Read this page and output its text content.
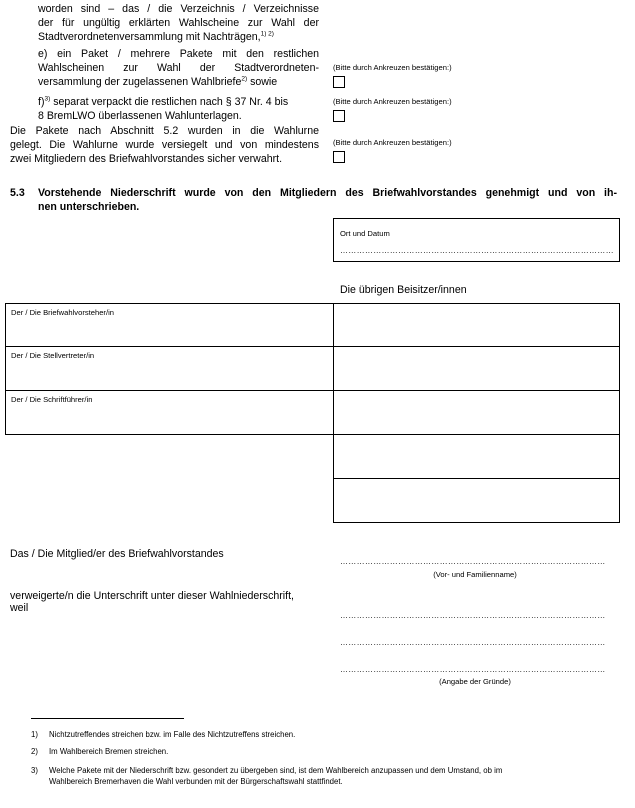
worden sind – das / die Verzeichnis / Verzeichnisse
der für ungültig erklärten Wahlscheine zur Wahl der
Stadtverordnetenversammlung mit Nachträgen,$^{1) 2)}$
e) ein Paket / mehrere Pakete mit den restlichen
Wahlscheinen zur Wahl der Stadtverordneten-
versammlung der zugelassenen Wahlbriefe$^{2)}$ sowie
(Bitte durch Ankreuzen bestätigen:)
f)$^{3)}$ separat verpackt die restlichen nach § 37 Nr. 4 bis
8 BremLWO überlassenen Wahlunterlagen.
(Bitte durch Ankreuzen bestätigen:)
Die Pakete nach Abschnitt 5.2 wurden in die Wahlurne
gelegt. Die Wahlurne wurde versiegelt und von mindestens
zwei Mitgliedern des Briefwahlvorstandes sicher verwahrt.
(Bitte durch Ankreuzen bestätigen:)
5.3 Vorstehende Niederschrift wurde von den Mitgliedern des Briefwahlvorstandes genehmigt und von ih-
nen unterschrieben.
Ort und Datum
………………………………………………………………………………………
Die übrigen Beisitzer/innen
Der / Die Briefwahlvorsteher/in
Der / Die Stellvertreter/in
Der / Die Schriftführer/in
Das / Die Mitglied/er des Briefwahlvorstandes
……………………………………………………………………………………
(Vor- und Familienname)
verweigerte/n die Unterschrift unter dieser Wahlniederschrift,
weil
……………………………………………………………………………………
……………………………………………………………………………………
……………………………………………………………………………………
(Angabe der Gründe)
1) Nichtzutreffendes streichen bzw. im Falle des Nichtzutreffens streichen.
2) Im Wahlbereich Bremen streichen.
3) Welche Pakete mit der Niederschrift bzw. gesondert zu übergeben sind, ist dem Wahlbereich anzupassen und dem Umstand, ob im
Wahlbereich Bremerhaven die Wahl verbunden mit der Bürgerschaftswahl stattfindet.
